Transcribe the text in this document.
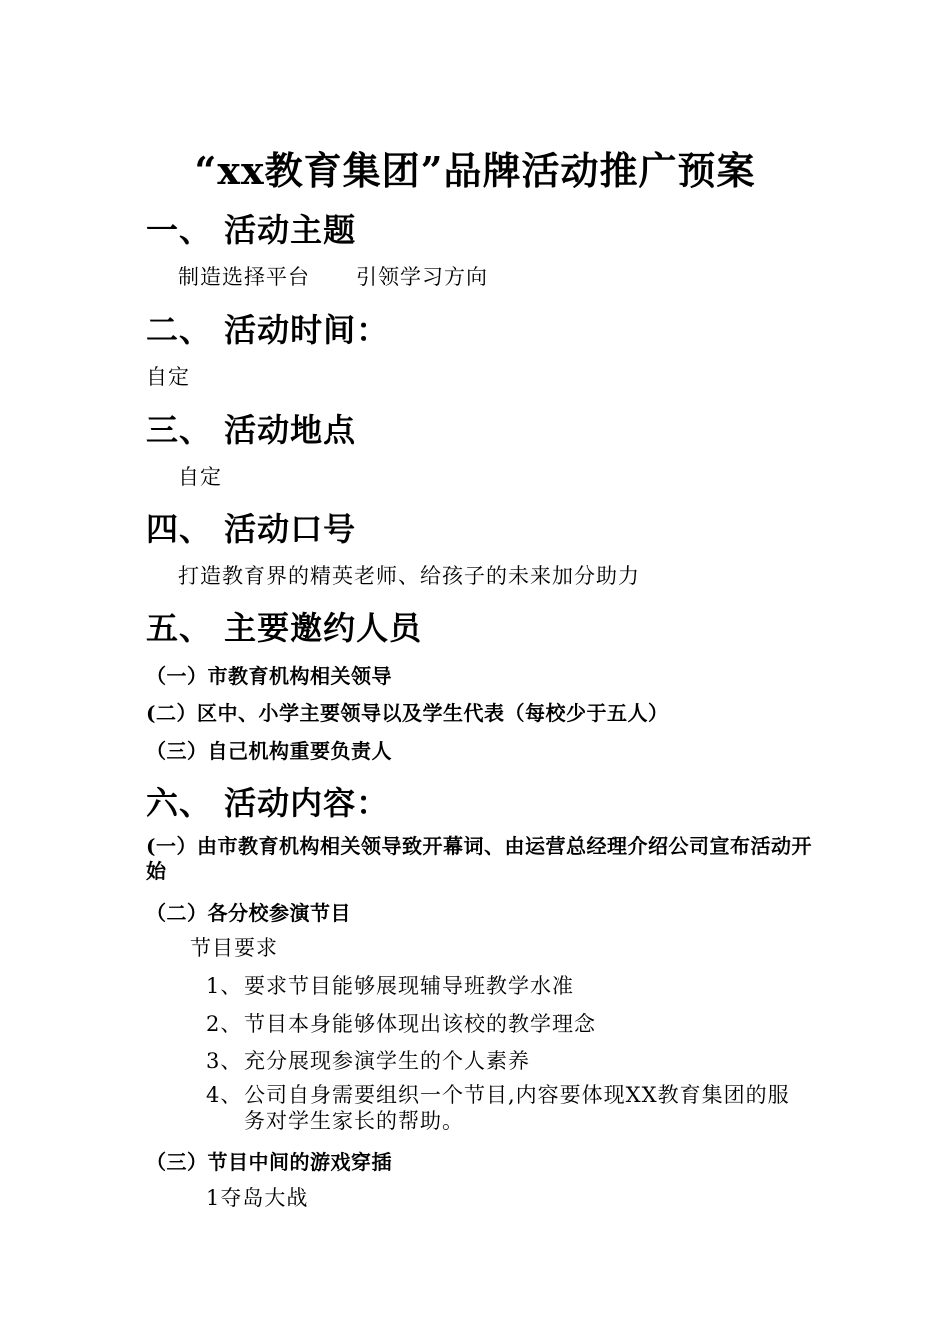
“xx教育集团”品牌活动推广预案
一、 活动主题
制造选择平台      引领学习方向
二、 活动时间：
自定
三、 活动地点
自定
四、 活动口号
打造教育界的精英老师、给孩子的未来加分助力
五、 主要邀约人员
（一）市教育机构相关领导
(二）区中、小学主要领导以及学生代表（每校少于五人）
（三）自己机构重要负责人
六、 活动内容：
(一）由市教育机构相关领导致开幕词、由运营总经理介绍公司宣布活动开始
（二）各分校参演节目
节目要求
1、要求节目能够展现辅导班教学水准
2、节目本身能够体现出该校的教学理念
3、充分展现参演学生的个人素养
4、公司自身需要组织一个节目,内容要体现XX教育集团的服务对学生家长的帮助。
（三）节目中间的游戏穿插
1夺岛大战
